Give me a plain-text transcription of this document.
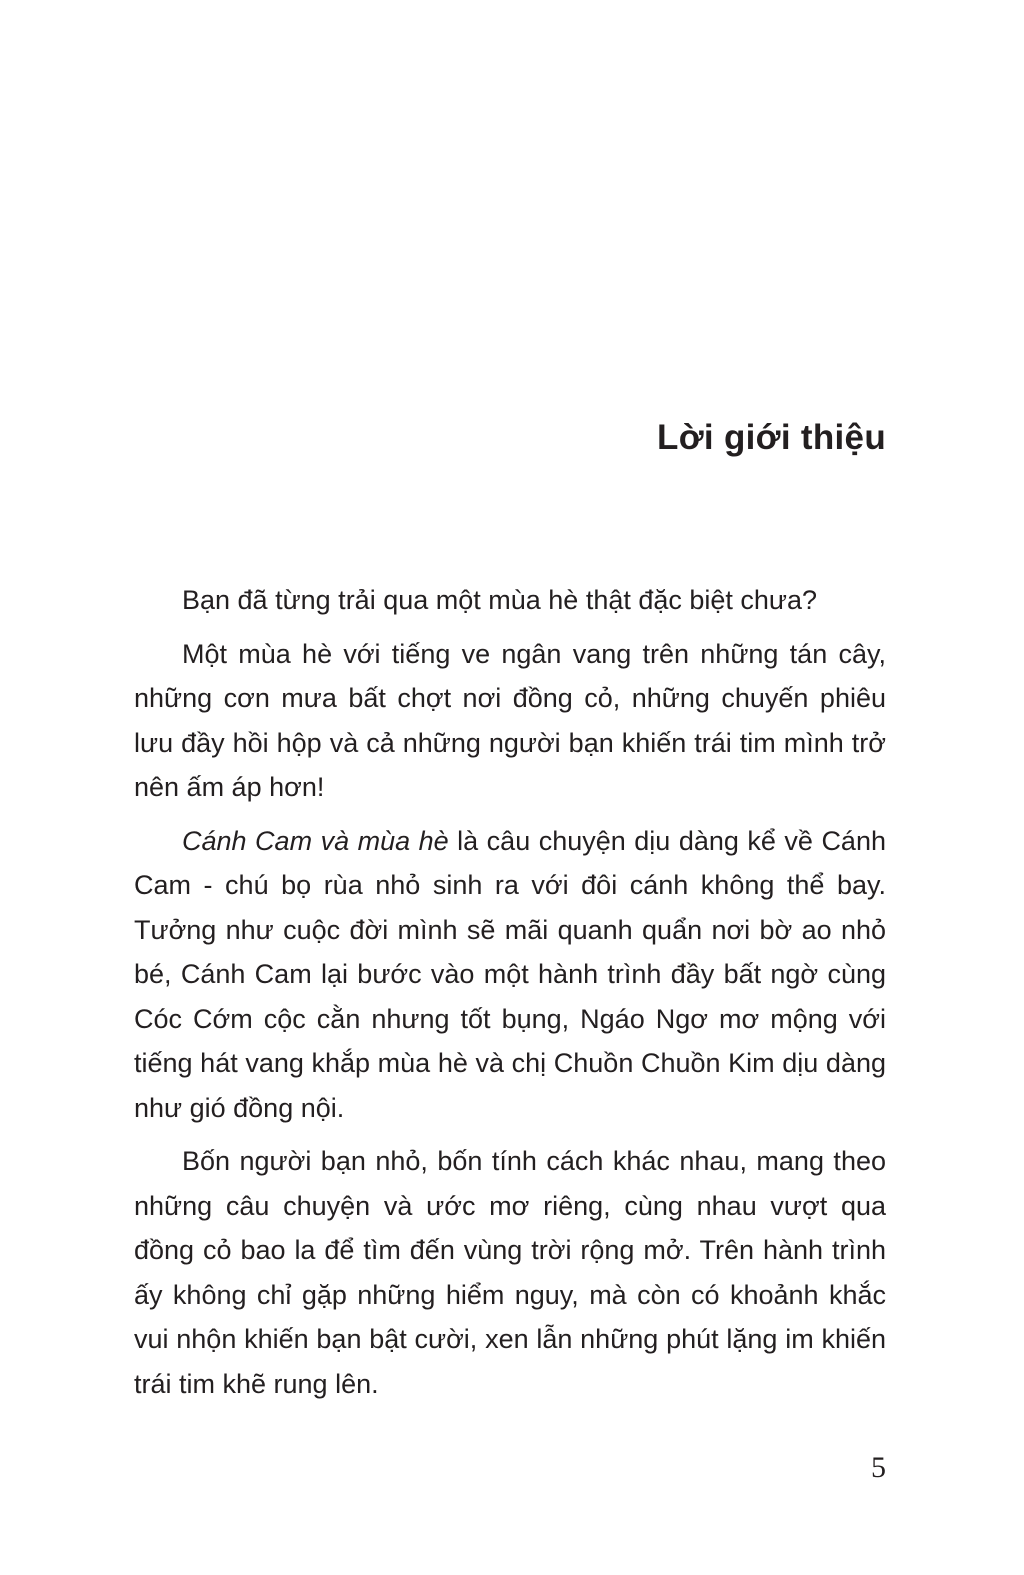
Lời giới thiệu

Bạn đã từng trải qua một mùa hè thật đặc biệt chưa?

Một mùa hè với tiếng ve ngân vang trên những tán cây, những cơn mưa bất chợt nơi đồng cỏ, những chuyến phiêu lưu đầy hồi hộp và cả những người bạn khiến trái tim mình trở nên ấm áp hơn!

Cánh Cam và mùa hè là câu chuyện dịu dàng kể về Cánh Cam - chú bọ rùa nhỏ sinh ra với đôi cánh không thể bay. Tưởng như cuộc đời mình sẽ mãi quanh quẩn nơi bờ ao nhỏ bé, Cánh Cam lại bước vào một hành trình đầy bất ngờ cùng Cóc Cớm cộc cằn nhưng tốt bụng, Ngáo Ngơ mơ mộng với tiếng hát vang khắp mùa hè và chị Chuồn Chuồn Kim dịu dàng như gió đồng nội.

Bốn người bạn nhỏ, bốn tính cách khác nhau, mang theo những câu chuyện và ước mơ riêng, cùng nhau vượt qua đồng cỏ bao la để tìm đến vùng trời rộng mở. Trên hành trình ấy không chỉ gặp những hiểm nguy, mà còn có khoảnh khắc vui nhộn khiến bạn bật cười, xen lẫn những phút lặng im khiến trái tim khẽ rung lên.

5
